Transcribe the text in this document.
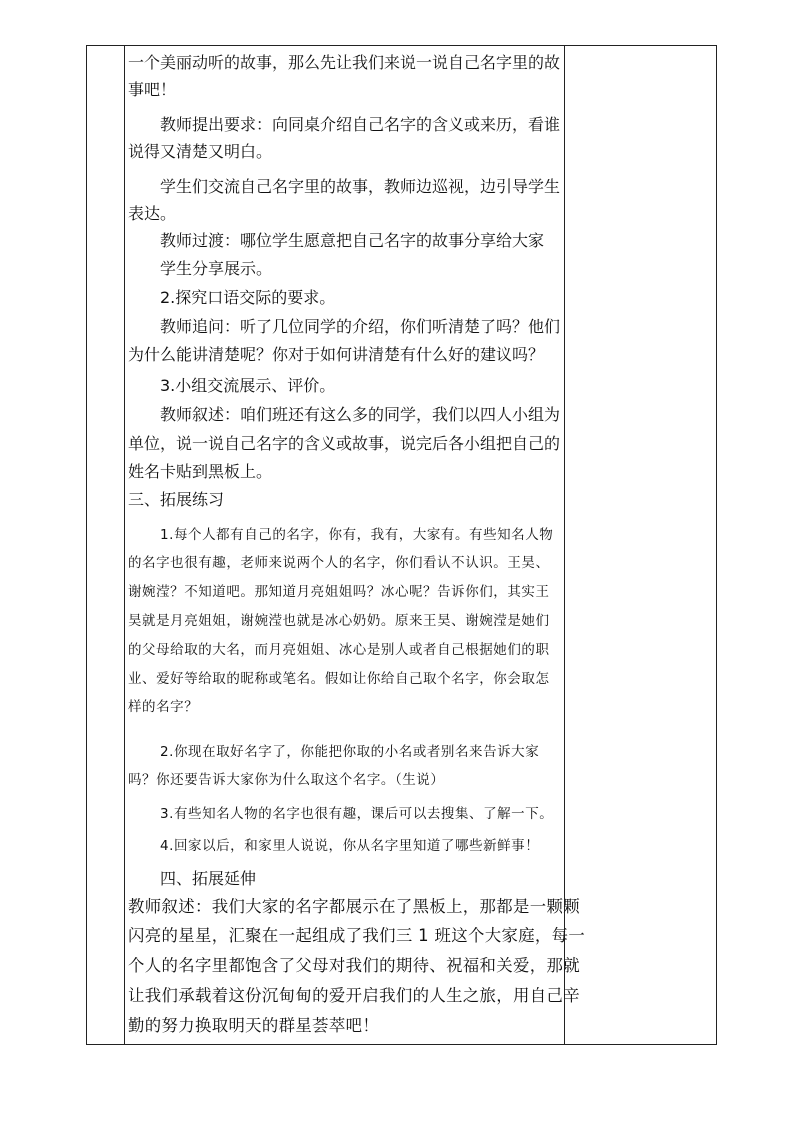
一个美丽动听的故事，那么先让我们来说一说自己名字里的故
事吧！
教师提出要求：向同桌介绍自己名字的含义或来历，看谁
说得又清楚又明白。
学生们交流自己名字里的故事，教师边巡视，边引导学生
表达。
教师过渡：哪位学生愿意把自己名字的故事分享给大家
学生分享展示。
2.探究口语交际的要求。
教师追问：听了几位同学的介绍，你们听清楚了吗？他们
为什么能讲清楚呢？你对于如何讲清楚有什么好的建议吗？
3.小组交流展示、评价。
教师叙述：咱们班还有这么多的同学，我们以四人小组为
单位，说一说自己名字的含义或故事，说完后各小组把自己的
姓名卡贴到黑板上。
三、拓展练习
1.每个人都有自己的名字，你有，我有，大家有。有些知名人物
的名字也很有趣，老师来说两个人的名字，你们看认不认识。王昊、
谢婉滢？不知道吧。那知道月亮姐姐吗？冰心呢？告诉你们，其实王
昊就是月亮姐姐，谢婉滢也就是冰心奶奶。原来王昊、谢婉滢是她们
的父母给取的大名，而月亮姐姐、冰心是别人或者自己根据她们的职
业、爱好等给取的昵称或笔名。假如让你给自己取个名字，你会取怎
样的名字？
2.你现在取好名字了，你能把你取的小名或者别名来告诉大家
吗？你还要告诉大家你为什么取这个名字。（生说）
3.有些知名人物的名字也很有趣，课后可以去搜集、了解一下。
4.回家以后，和家里人说说，你从名字里知道了哪些新鲜事！
四、拓展延伸
教师叙述：我们大家的名字都展示在了黑板上，那都是一颗颗
闪亮的星星，汇聚在一起组成了我们三 1 班这个大家庭，每一
个人的名字里都饱含了父母对我们的期待、祝福和关爱，那就
让我们承载着这份沉甸甸的爱开启我们的人生之旅，用自己辛
勤的努力换取明天的群星荟萃吧！
